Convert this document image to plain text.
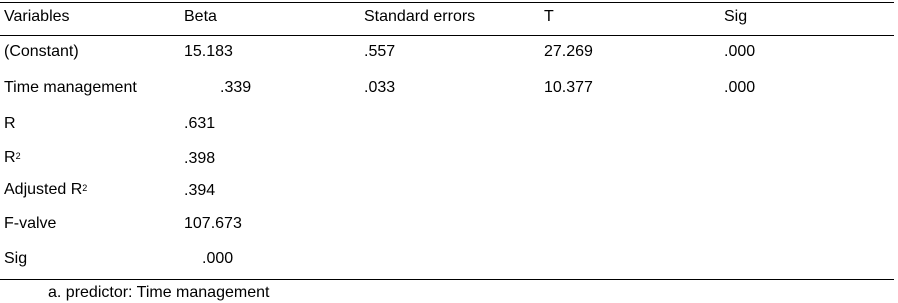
Variables	Beta	Standard errors	T	Sig
(Constant)	15.183	.557	27.269	.000
Time management	.339	.033	10.377	.000
R	.631
$R^2$	.398
Adjusted $R^2$	.394
F-valve	107.673
Sig	.000
a. predictor: Time management
